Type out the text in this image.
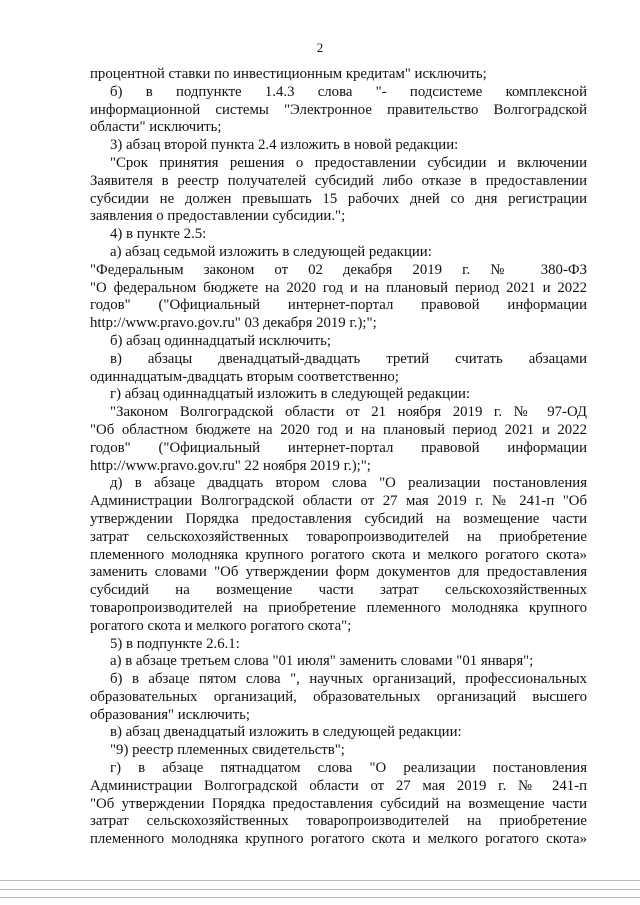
2
процентной ставки по инвестиционным кредитам" исключить;
б) в подпункте 1.4.3 слова "- подсистеме комплексной
информационной системы "Электронное правительство Волгоградской
области" исключить;
3) абзац второй пункта 2.4 изложить в новой редакции:
"Срок принятия решения о предоставлении субсидии и включении
Заявителя в реестр получателей субсидий либо отказе в предоставлении
субсидии не должен превышать 15 рабочих дней со дня регистрации
заявления о предоставлении субсидии.";
4) в пункте 2.5:
а) абзац седьмой изложить в следующей редакции:
"Федеральным законом от 02 декабря 2019 г. № 380-ФЗ
"О федеральном бюджете на 2020 год и на плановый период 2021 и 2022
годов" ("Официальный интернет-портал правовой информации
http://www.pravo.gov.ru" 03 декабря 2019 г.);";
б) абзац одиннадцатый исключить;
в) абзацы двенадцатый-двадцать третий считать абзацами
одиннадцатым-двадцать вторым соответственно;
г) абзац одиннадцатый изложить в следующей редакции:
"Законом Волгоградской области от 21 ноября 2019 г. № 97-ОД
"Об областном бюджете на 2020 год и на плановый период 2021 и 2022
годов" ("Официальный интернет-портал правовой информации
http://www.pravo.gov.ru" 22 ноября 2019 г.);";
д) в абзаце двадцать втором слова "О реализации постановления
Администрации Волгоградской области от 27 мая 2019 г. № 241-п "Об
утверждении Порядка предоставления субсидий на возмещение части
затрат сельскохозяйственных товаропроизводителей на приобретение
племенного молодняка крупного рогатого скота и мелкого рогатого скота»
заменить словами "Об утверждении форм документов для предоставления
субсидий на возмещение части затрат сельскохозяйственных
товаропроизводителей на приобретение племенного молодняка крупного
рогатого скота и мелкого рогатого скота";
5) в подпункте 2.6.1:
а) в абзаце третьем слова "01 июля" заменить словами "01 января";
б) в абзаце пятом слова ", научных организаций, профессиональных
образовательных организаций, образовательных организаций высшего
образования" исключить;
в) абзац двенадцатый изложить в следующей редакции:
"9) реестр племенных свидетельств";
г) в абзаце пятнадцатом слова "О реализации постановления
Администрации Волгоградской области от 27 мая 2019 г. № 241-п
"Об утверждении Порядка предоставления субсидий на возмещение части
затрат сельскохозяйственных товаропроизводителей на приобретение
племенного молодняка крупного рогатого скота и мелкого рогатого скота»
